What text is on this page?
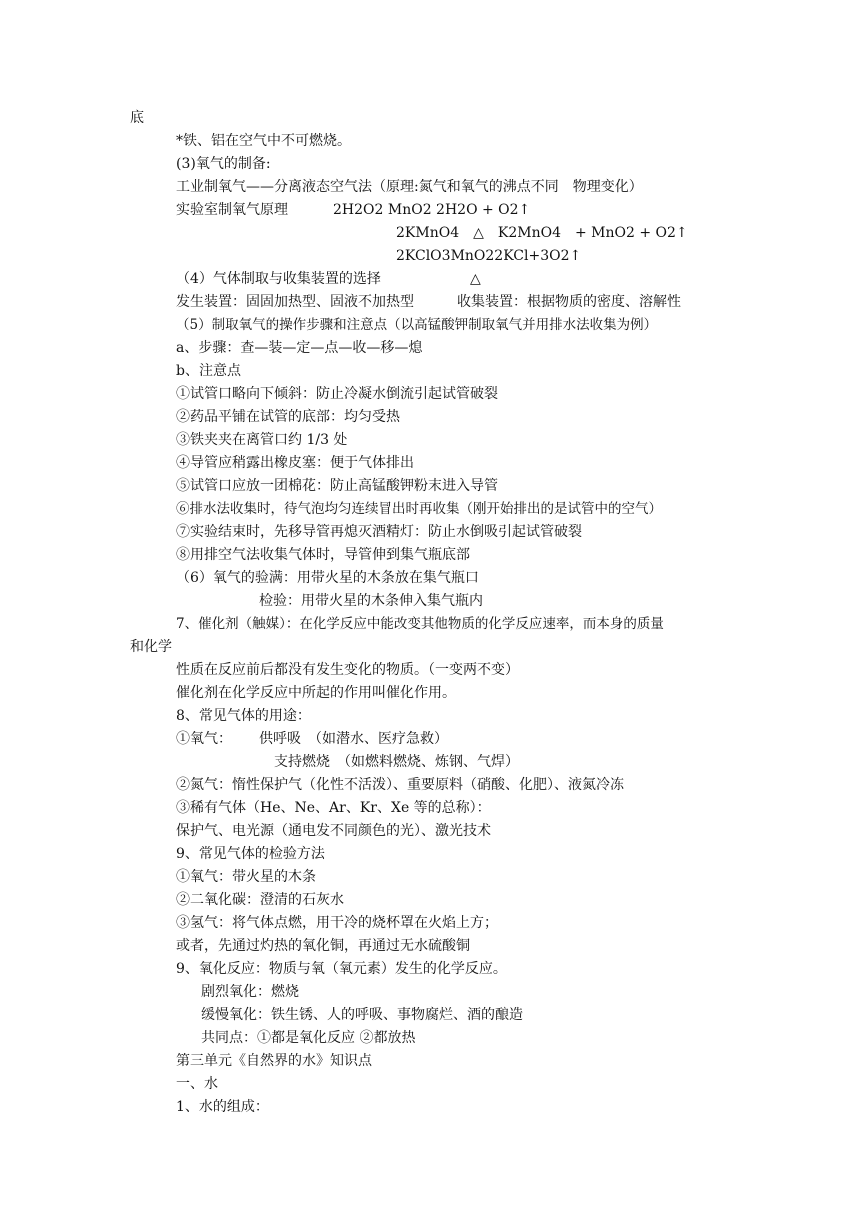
底
*铁、铝在空气中不可燃烧。
(3)氧气的制备:
工业制氧气——分离液态空气法（原理:氮气和氧气的沸点不同　物理变化）
实验室制氧气原理	2H2O2 MnO2 2H2O + O2↑
2KMnO4　△　K2MnO4　+ MnO2 + O2↑
2KClO3MnO22KCl+3O2↑
（4）气体制取与收集装置的选择	△
发生装置：固固加热型、固液不加热型	收集装置：根据物质的密度、溶解性
（5）制取氧气的操作步骤和注意点（以高锰酸钾制取氧气并用排水法收集为例）
a、步骤：查—装—定—点—收—移—熄
b、注意点
①试管口略向下倾斜：防止冷凝水倒流引起试管破裂
②药品平铺在试管的底部：均匀受热
③铁夹夹在离管口约 1/3 处
④导管应稍露出橡皮塞：便于气体排出
⑤试管口应放一团棉花：防止高锰酸钾粉末进入导管
⑥排水法收集时，待气泡均匀连续冒出时再收集（刚开始排出的是试管中的空气）
⑦实验结束时，先移导管再熄灭酒精灯：防止水倒吸引起试管破裂
⑧用排空气法收集气体时，导管伸到集气瓶底部
（6）氧气的验满：用带火星的木条放在集气瓶口
检验：用带火星的木条伸入集气瓶内
7、催化剂（触媒）：在化学反应中能改变其他物质的化学反应速率，而本身的质量
和化学
性质在反应前后都没有发生变化的物质。（一变两不变）
催化剂在化学反应中所起的作用叫催化作用。
8、常见气体的用途：
①氧气： 供呼吸　（如潜水、医疗急救）
支持燃烧　（如燃料燃烧、炼钢、气焊）
②氮气：惰性保护气（化性不活泼）、重要原料（硝酸、化肥）、液氮冷冻
③稀有气体（He、Ne、Ar、Kr、Xe 等的总称）：
保护气、电光源（通电发不同颜色的光）、激光技术
9、常见气体的检验方法
①氧气：带火星的木条
②二氧化碳：澄清的石灰水
③氢气：将气体点燃，用干冷的烧杯罩在火焰上方；
或者，先通过灼热的氧化铜，再通过无水硫酸铜
9、氧化反应：物质与氧（氧元素）发生的化学反应。
剧烈氧化：燃烧
缓慢氧化：铁生锈、人的呼吸、事物腐烂、酒的酿造
共同点：①都是氧化反应 ②都放热
第三单元《自然界的水》知识点
一、水
1、水的组成：
